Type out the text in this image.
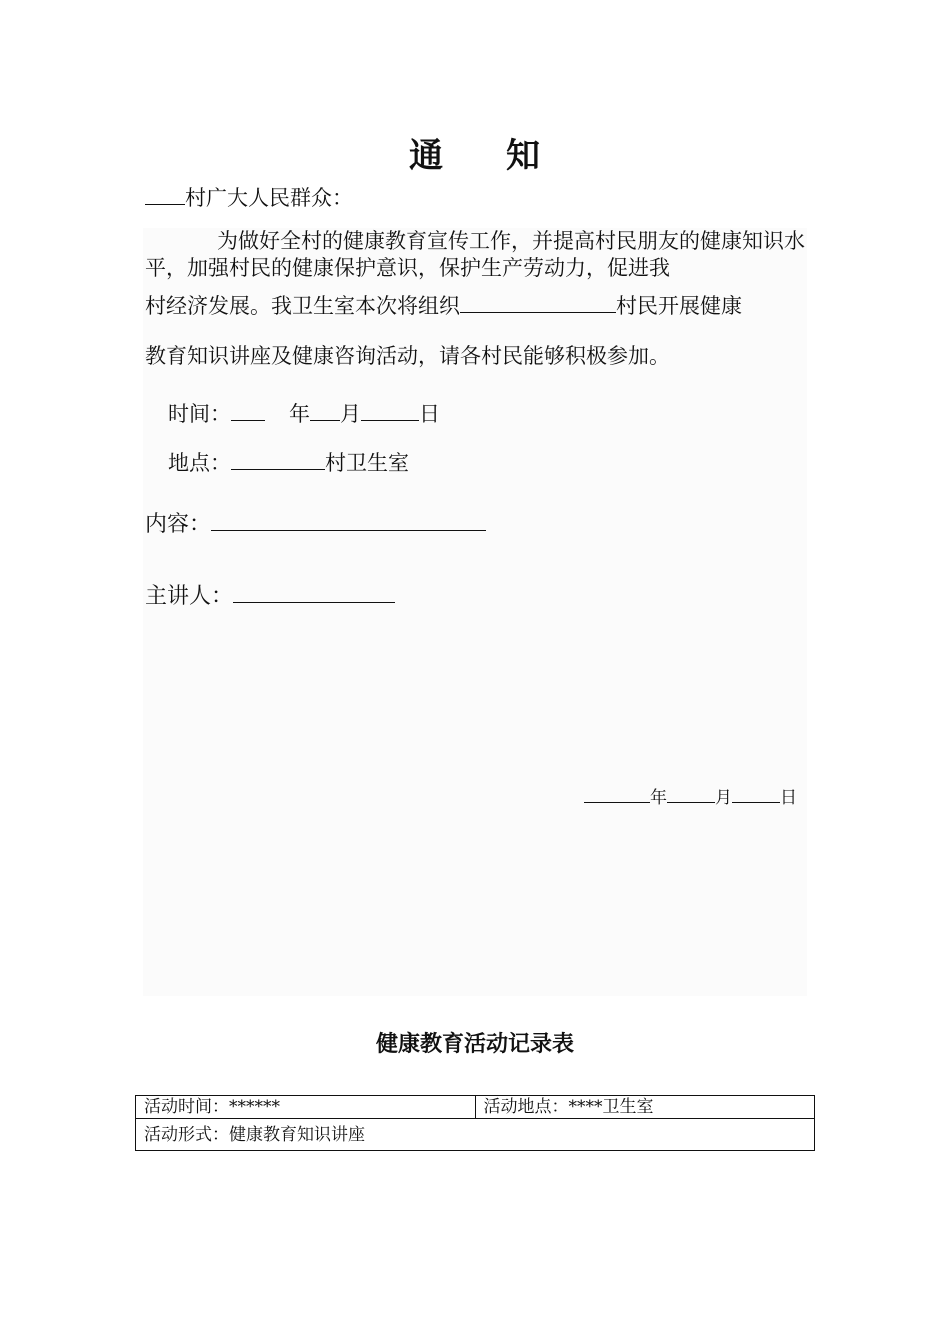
通 知
村广大人民群众：
为做好全村的健康教育宣传工作，并提高村民朋友的健康知识水平，加强村民的健康保护意识，保护生产劳动力，促进我
村经济发展。我卫生室本次将组织	村民开展健康
教育知识讲座及健康咨询活动，请各村民能够积极参加。
时间：	年 月	日
地点：	村卫生室
内容：
主讲人：
年	月	日
健康教育活动记录表
活动时间：******	活动地点：****卫生室
活动形式：健康教育知识讲座
